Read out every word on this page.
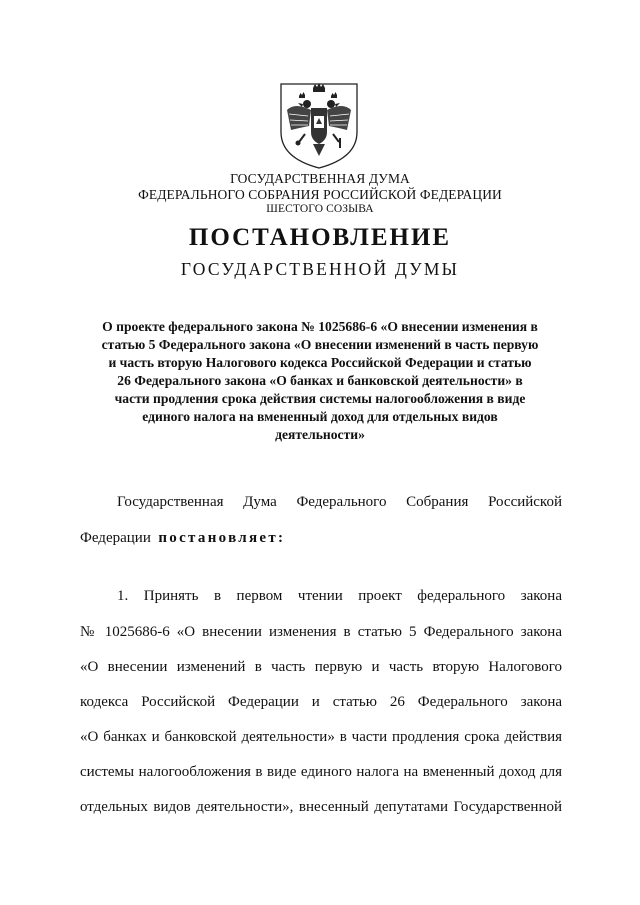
ГОСУДАРСТВЕННАЯ ДУМА
ФЕДЕРАЛЬНОГО СОБРАНИЯ РОССИЙСКОЙ ФЕДЕРАЦИИ
ШЕСТОГО СОЗЫВА
ПОСТАНОВЛЕНИЕ
ГОСУДАРСТВЕННОЙ ДУМЫ
О проекте федерального закона № 1025686-6 «О внесении изменения в
статью 5 Федерального закона «О внесении изменений в часть первую
и часть вторую Налогового кодекса Российской Федерации и статью
26 Федерального закона «О банках и банковской деятельности» в
части продления срока действия системы налогообложения в виде
единого налога на вмененный доход для отдельных видов
деятельности»
Государственная Дума Федерального Собрания Российской
Федерации постановляет:
1. Принять в первом чтении проект федерального закона
№ 1025686-6 «О внесении изменения в статью 5 Федерального закона
«О внесении изменений в часть первую и часть вторую Налогового
кодекса Российской Федерации и статью 26 Федерального закона
«О банках и банковской деятельности» в части продления срока действия
системы налогообложения в виде единого налога на вмененный доход для
отдельных видов деятельности», внесенный депутатами Государственной
